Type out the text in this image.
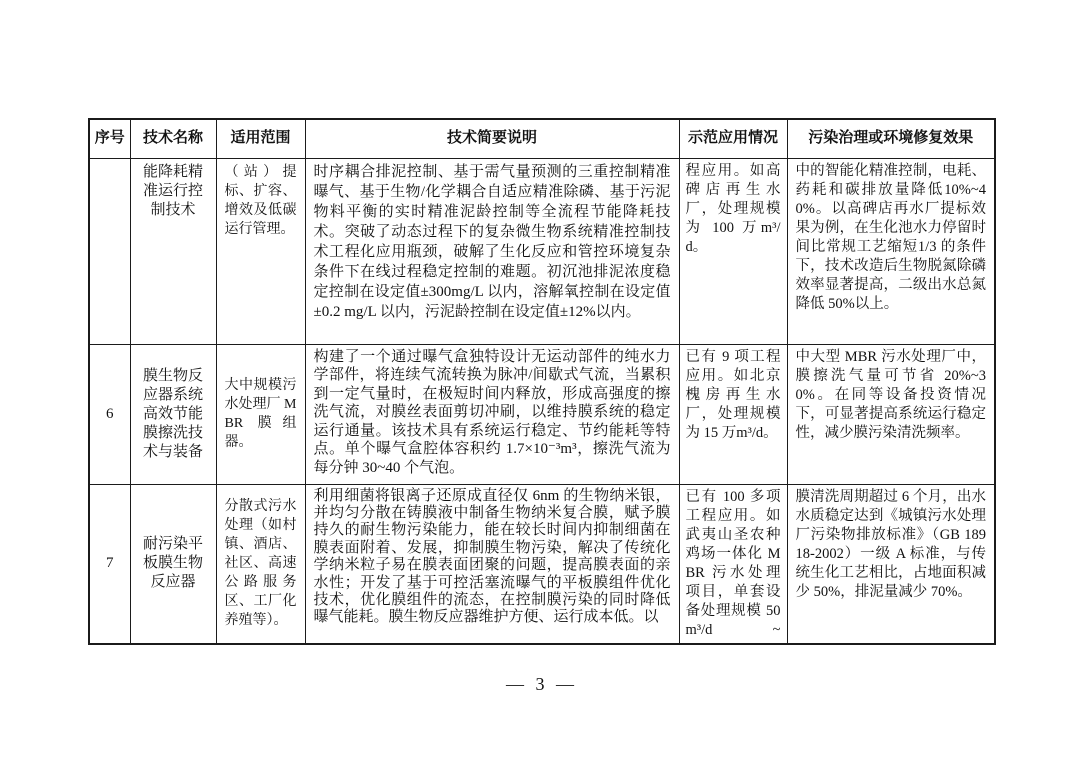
序号	技术名称	适用范围	技术简要说明	示范应用情况	污染治理或环境修复效果
	能降耗精准运行控制技术	（站）提标、扩容、增效及低碳运行管理。	时序耦合排泥控制、基于需气量预测的三重控制精准曝气、基于生物/化学耦合自适应精准除磷、基于污泥物料平衡的实时精准泥龄控制等全流程节能降耗技术。突破了动态过程下的复杂微生物系统精准控制技术工程化应用瓶颈，破解了生化反应和管控环境复杂条件下在线过程稳定控制的难题。初沉池排泥浓度稳定控制在设定值±300mg/L 以内，溶解氧控制在设定值±0.2 mg/L 以内，污泥龄控制在设定值±12%以内。	程应用。如高碑店再生水厂，处理规模为 100 万m³/d。	中的智能化精准控制，电耗、药耗和碳排放量降低10%~40%。以高碑店再水厂提标效果为例，在生化池水力停留时间比常规工艺缩短1/3 的条件下，技术改造后生物脱氮除磷效率显著提高，二级出水总氮降低 50%以上。
6	膜生物反应器系统高效节能膜擦洗技术与装备	大中规模污水处理厂 MBR 膜组器。	构建了一个通过曝气盒独特设计无运动部件的纯水力学部件，将连续气流转换为脉冲/间歇式气流，当累积到一定气量时，在极短时间内释放，形成高强度的擦洗气流，对膜丝表面剪切冲刷，以维持膜系统的稳定运行通量。该技术具有系统运行稳定、节约能耗等特点。单个曝气盒腔体容积约 1.7×10⁻³m³，擦洗气流为每分钟 30~40 个气泡。	已有 9 项工程应用。如北京槐房再生水厂，处理规模为 15 万m³/d。	中大型 MBR 污水处理厂中，膜擦洗气量可节省 20%~30%。在同等设备投资情况下，可显著提高系统运行稳定性，减少膜污染清洗频率。
7	耐污染平板膜生物反应器	分散式污水处理（如村镇、酒店、社区、高速公路服务区、工厂化养殖等）。	利用细菌将银离子还原成直径仅 6nm 的生物纳米银，并均匀分散在铸膜液中制备生物纳米复合膜，赋予膜持久的耐生物污染能力，能在较长时间内抑制细菌在膜表面附着、发展，抑制膜生物污染，解决了传统化学纳米粒子易在膜表面团聚的问题，提高膜表面的亲水性；开发了基于可控活塞流曝气的平板膜组件优化技术，优化膜组件的流态，在控制膜污染的同时降低曝气能耗。膜生物反应器维护方便、运行成本低。以	已有 100 多项工程应用。如武夷山圣农种鸡场一体化 MBR 污水处理项目，单套设备处理规模 50m³/d ~	膜清洗周期超过 6 个月，出水水质稳定达到《城镇污水处理厂污染物排放标准》（GB 18918-2002）一级 A 标准，与传统生化工艺相比，占地面积减少 50%，排泥量减少 70%。
— 3 —
